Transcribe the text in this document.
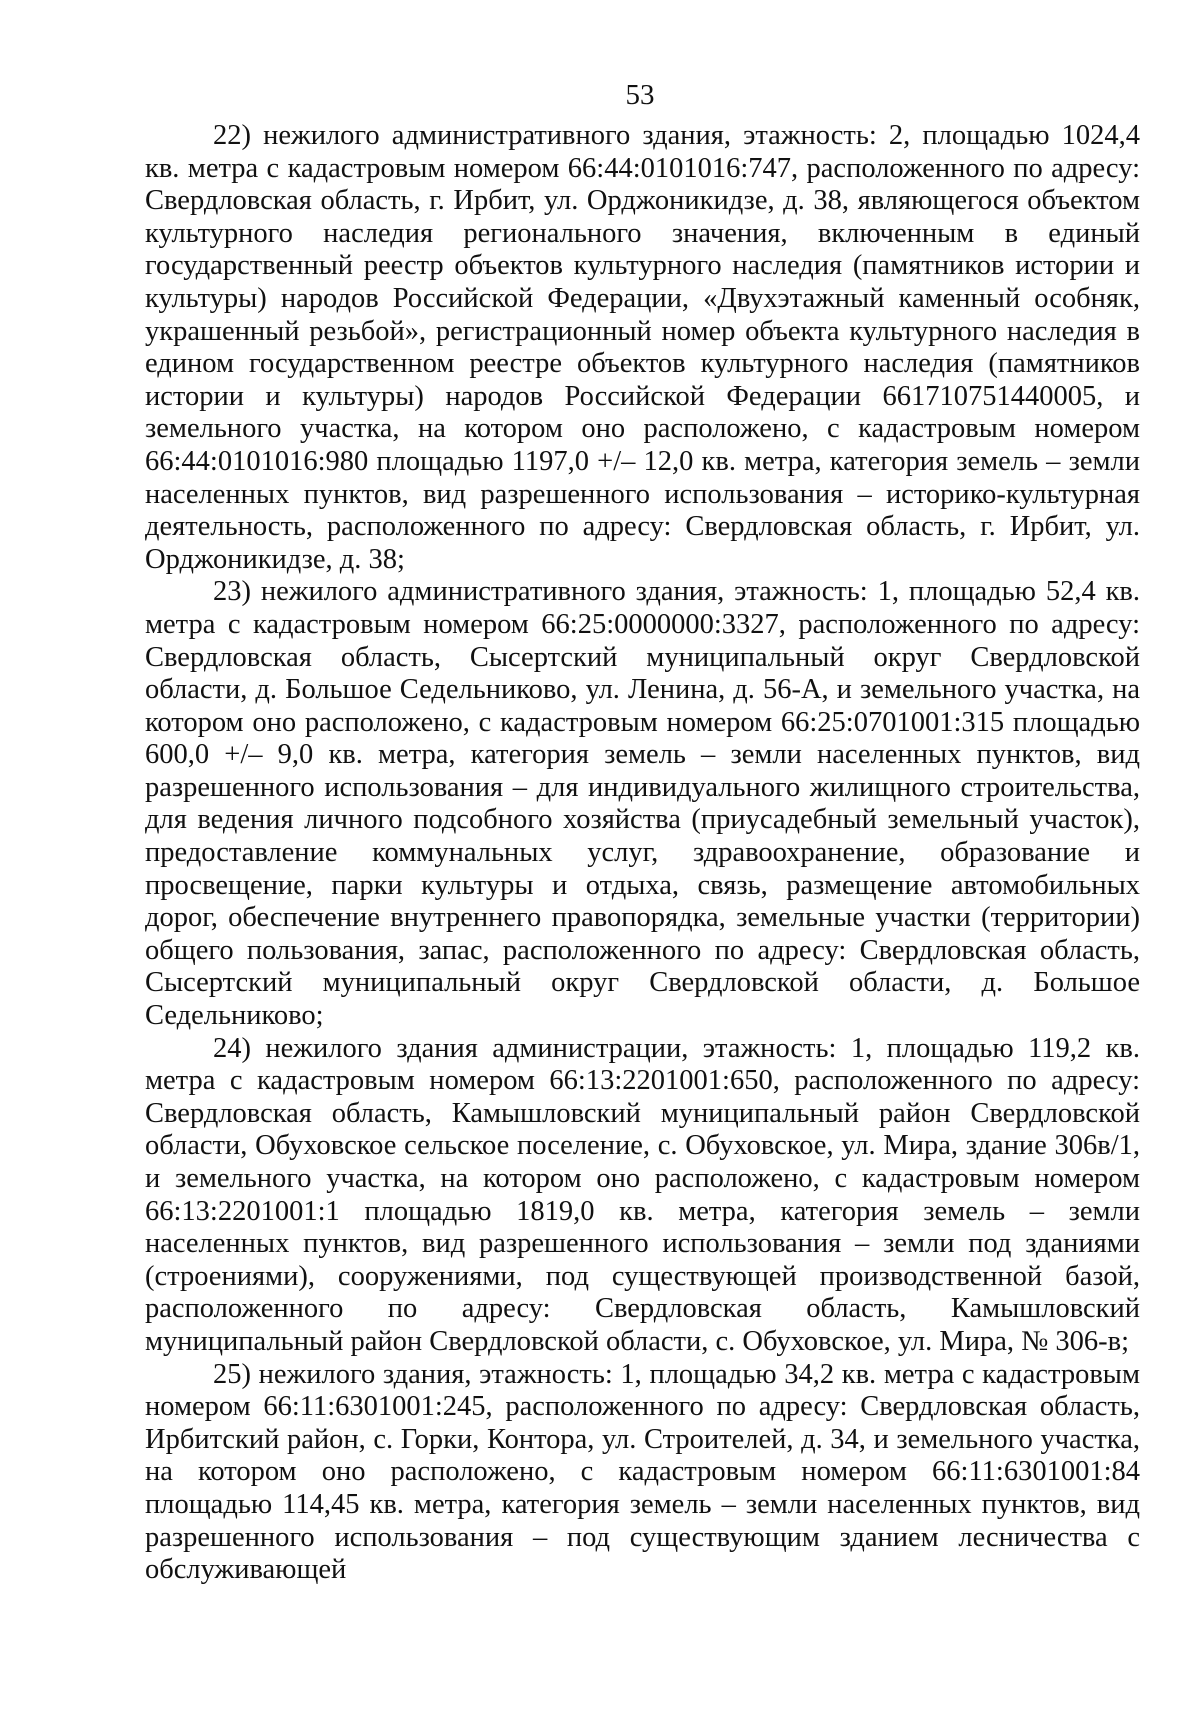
53

22) нежилого административного здания, этажность: 2, площадью 1024,4 кв. метра с кадастровым номером 66:44:0101016:747, расположенного по адресу: Свердловская область, г. Ирбит, ул. Орджоникидзе, д. 38, являющегося объектом культурного наследия регионального значения, включенным в единый государственный реестр объектов культурного наследия (памятников истории и культуры) народов Российской Федерации, «Двухэтажный каменный особняк, украшенный резьбой», регистрационный номер объекта культурного наследия в едином государственном реестре объектов культурного наследия (памятников истории и культуры) народов Российской Федерации 661710751440005, и земельного участка, на котором оно расположено, с кадастровым номером 66:44:0101016:980 площадью 1197,0 +/– 12,0 кв. метра, категория земель – земли населенных пунктов, вид разрешенного использования – историко-культурная деятельность, расположенного по адресу: Свердловская область, г. Ирбит, ул. Орджоникидзе, д. 38;

23) нежилого административного здания, этажность: 1, площадью 52,4 кв. метра с кадастровым номером 66:25:0000000:3327, расположенного по адресу: Свердловская область, Сысертский муниципальный округ Свердловской области, д. Большое Седельниково, ул. Ленина, д. 56-А, и земельного участка, на котором оно расположено, с кадастровым номером 66:25:0701001:315 площадью 600,0 +/– 9,0 кв. метра, категория земель – земли населенных пунктов, вид разрешенного использования – для индивидуального жилищного строительства, для ведения личного подсобного хозяйства (приусадебный земельный участок), предоставление коммунальных услуг, здравоохранение, образование и просвещение, парки культуры и отдыха, связь, размещение автомобильных дорог, обеспечение внутреннего правопорядка, земельные участки (территории) общего пользования, запас, расположенного по адресу: Свердловская область, Сысертский муниципальный округ Свердловской области, д. Большое Седельниково;

24) нежилого здания администрации, этажность: 1, площадью 119,2 кв. метра с кадастровым номером 66:13:2201001:650, расположенного по адресу: Свердловская область, Камышловский муниципальный район Свердловской области, Обуховское сельское поселение, с. Обуховское, ул. Мира, здание 306в/1, и земельного участка, на котором оно расположено, с кадастровым номером 66:13:2201001:1 площадью 1819,0 кв. метра, категория земель – земли населенных пунктов, вид разрешенного использования – земли под зданиями (строениями), сооружениями, под существующей производственной базой, расположенного по адресу: Свердловская область, Камышловский муниципальный район Свердловской области, с. Обуховское, ул. Мира, № 306-в;

25) нежилого здания, этажность: 1, площадью 34,2 кв. метра с кадастровым номером 66:11:6301001:245, расположенного по адресу: Свердловская область, Ирбитский район, с. Горки, Контора, ул. Строителей, д. 34, и земельного участка, на котором оно расположено, с кадастровым номером 66:11:6301001:84 площадью 114,45 кв. метра, категория земель – земли населенных пунктов, вид разрешенного использования – под существующим зданием лесничества с обслуживающей
